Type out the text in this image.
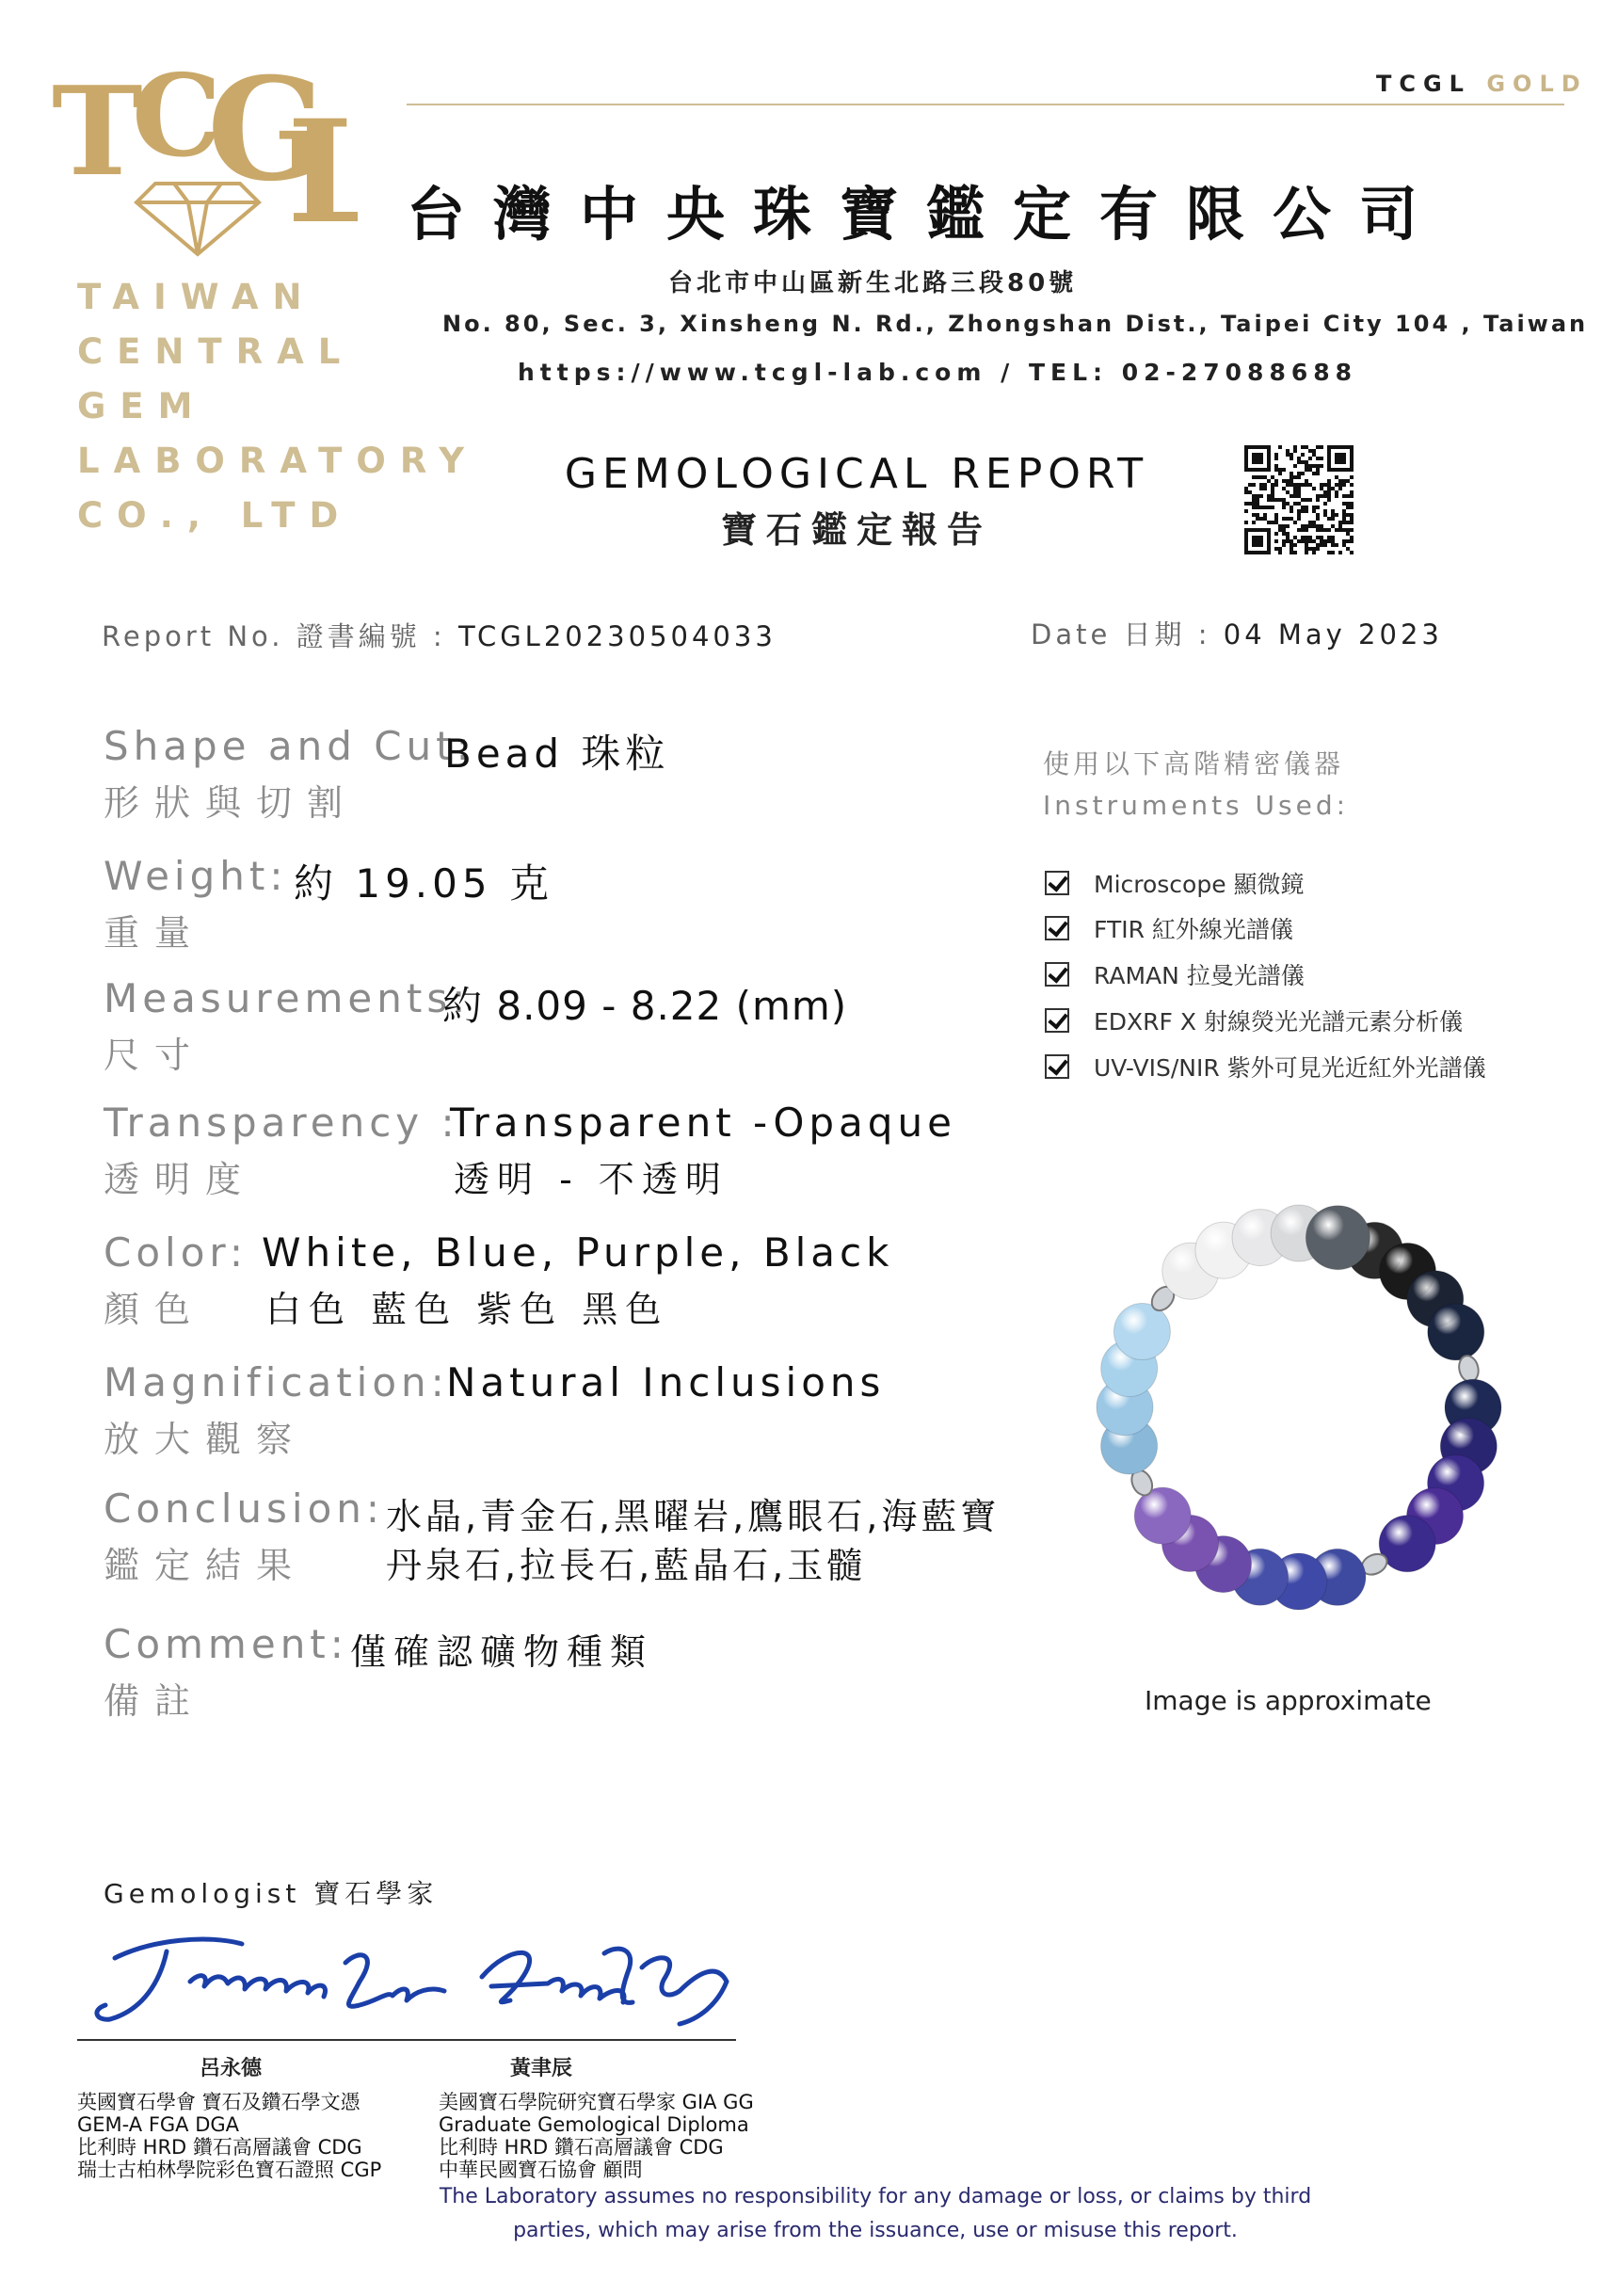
T
C
G
L
TAIWAN
CENTRAL
GEM
LABORATORY
CO., LTD
TCGL GOLD
台灣中央珠寶鑑定有限公司
台北市中山區新生北路三段80號
No. 80, Sec. 3, Xinsheng N. Rd., Zhongshan Dist., Taipei City 104 , Taiwan
https://www.tcgl-lab.com / TEL: 02-27088688
GEMOLOGICAL REPORT
寶石鑑定報告
Report No. 證書編號 : TCGL20230504033	Date 日期 : 04 May 2023
Shape and Cut:
Bead 珠粒
形狀與切割
Weight: 約 19.05 克
重量
Measurements:
約 8.09 - 8.22 (mm)
尺寸
Transparency :
Transparent -Opaque
透明度	透明 - 不透明
Color: White, Blue, Purple, Black
顏色 白色 藍色 紫色 黑色
Magnification:
Natural Inclusions
放大觀察
Conclusion: 水晶,青金石,黑曜岩,鷹眼石,海藍寶
鑑定結果 丹泉石,拉長石,藍晶石,玉髓
Comment: 僅確認礦物種類
備註
使用以下高階精密儀器
Instruments Used:
Microscope 顯微鏡
FTIR 紅外線光譜儀
RAMAN 拉曼光譜儀
EDXRF X 射線熒光光譜元素分析儀
UV-VIS/NIR 紫外可見光近紅外光譜儀
Image is approximate
Gemologist 寶石學家
呂永德
英國寶石學會 寶石及鑽石學文憑
GEM-A FGA DGA
比利時 HRD 鑽石高層議會 CDG
瑞士古柏林學院彩色寶石證照 CGP
黃聿辰
美國寶石學院研究寶石學家 GIA GG
Graduate Gemological Diploma
比利時 HRD 鑽石高層議會 CDG
中華民國寶石協會 顧問
The Laboratory assumes no responsibility for any damage or loss, or claims by third
parties, which may arise from the issuance, use or misuse this report.
